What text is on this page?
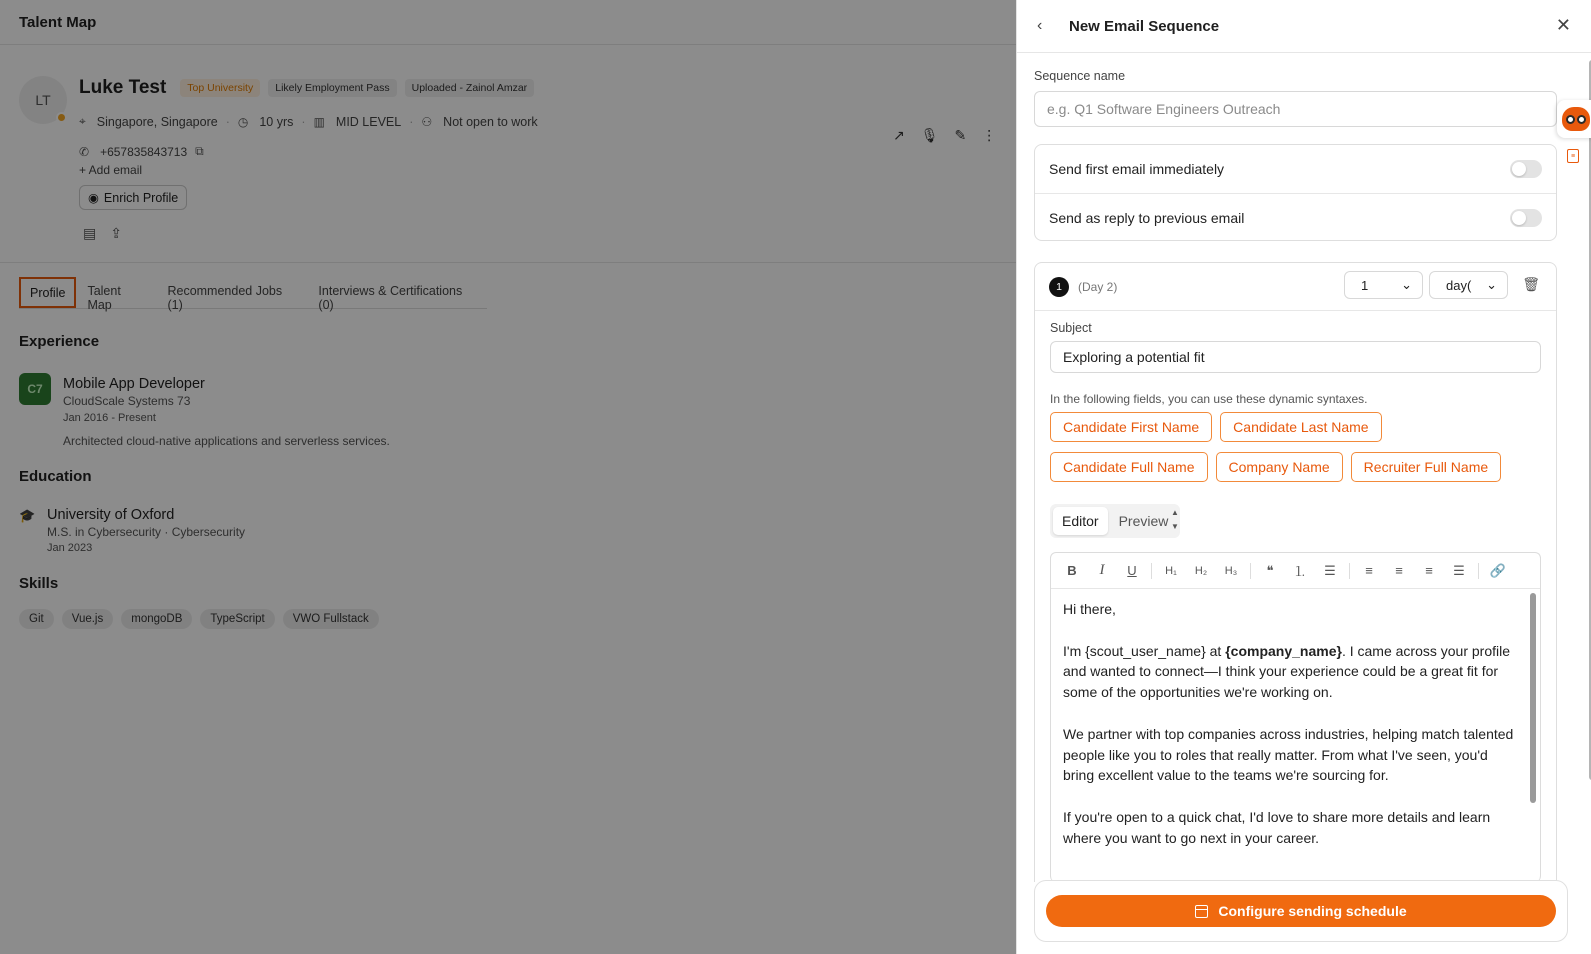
Talent Map
LT
Luke Test	Top University	Likely Employment Pass	Uploaded - Zainol Amzar
⌖ Singapore, Singapore · ◷ 10 yrs · ▥ MID LEVEL · ⚇ Not open to work
✆ +657835843713 ⧉
+ Add email
◉ Enrich Profile
▤ ⇪
↗ 🎙 ✎ ⋮
Profile	Talent Map
Recommended Jobs (1)
Interviews & Certifications (0)
Experience
C7	Mobile App Developer
CloudScale Systems 73
Jan 2016 - Present
Architected cloud-native applications and serverless services.
Education
🎓 University of Oxford
M.S. in Cybersecurity · Cybersecurity
Jan 2023
Skills
Git	Vue.js	mongoDB	TypeScript	VWO Fullstack
‹	New Email Sequence	✕
Sequence name
e.g. Q1 Software Engineers Outreach
Send first email immediately
Send as reply to previous email
1	(Day 2)	1	⌄	day( ⌄ 🗑
Subject
Exploring a potential fit
In the following fields, you can use these dynamic syntaxes.
Candidate First Name	Candidate Last Name
Candidate Full Name	Company Name	Recruiter Full Name
Editor	Preview
▲
▼
B	I	U	H₁	H₂	H₃	❝	⒈	☰	≡	≡	≡	☰	🔗

Hi there,

I'm {scout_user_name} at {company_name}. I came across your profile and wanted to connect—I think your experience could be a great fit for some of the opportunities we're working on.

We partner with top companies across industries, helping match talented people like you to roles that really matter. From what I've seen, you'd bring excellent value to the teams we're sourcing for.

If you're open to a quick chat, I'd love to share more details and learn where you want to go next in your career.

≡
Configure sending schedule
